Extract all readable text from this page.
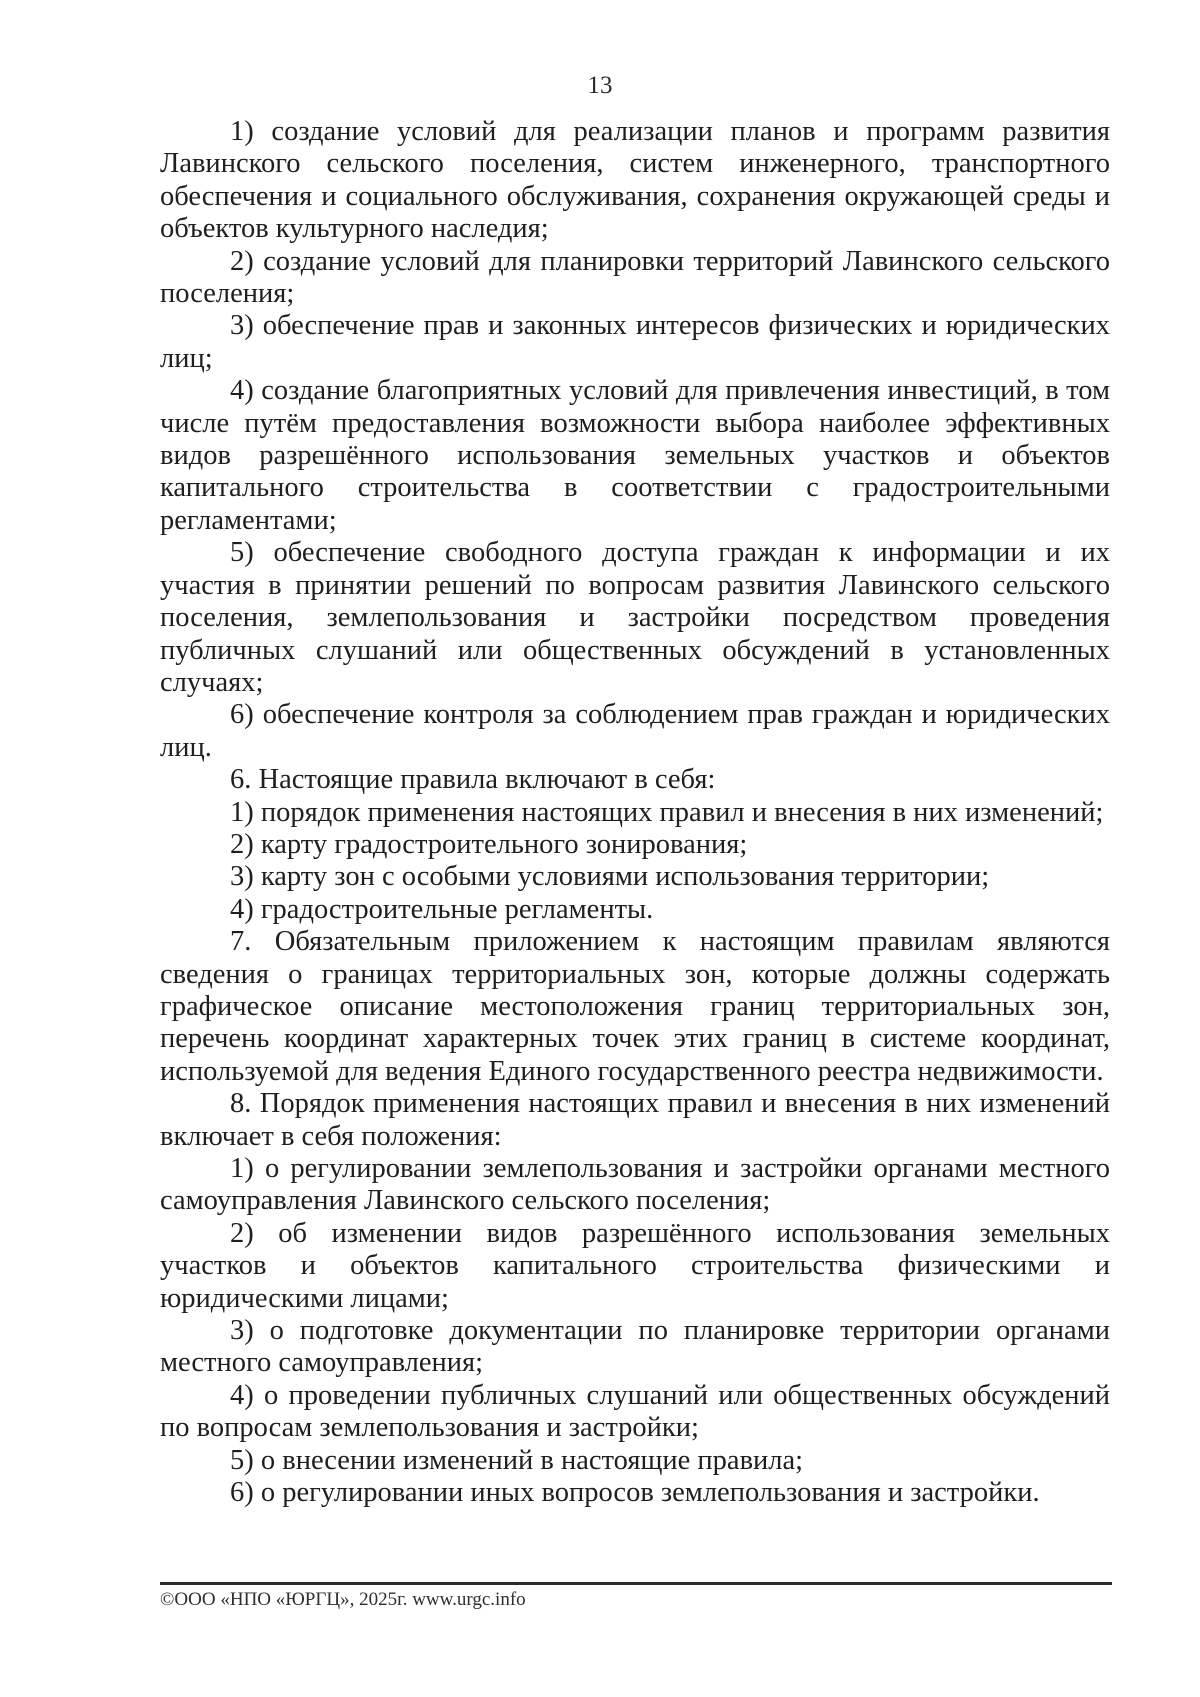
13

1) создание условий для реализации планов и программ развития Лавинского сельского поселения, систем инженерного, транспортного обеспечения и социального обслуживания, сохранения окружающей среды и объектов культурного наследия;

2) создание условий для планировки территорий Лавинского сельского поселения;

3) обеспечение прав и законных интересов физических и юридических лиц;

4) создание благоприятных условий для привлечения инвестиций, в том числе путём предоставления возможности выбора наиболее эффективных видов разрешённого использования земельных участков и объектов капитального строительства в соответствии с градостроительными регламентами;

5) обеспечение свободного доступа граждан к информации и их участия в принятии решений по вопросам развития Лавинского сельского поселения, землепользования и застройки посредством проведения публичных слушаний или общественных обсуждений в установленных случаях;

6) обеспечение контроля за соблюдением прав граждан и юридических лиц.

6. Настоящие правила включают в себя:

1) порядок применения настоящих правил и внесения в них изменений;

2) карту градостроительного зонирования;

3) карту зон с особыми условиями использования территории;

4) градостроительные регламенты.

7. Обязательным приложением к настоящим правилам являются сведения о границах территориальных зон, которые должны содержать графическое описание местоположения границ территориальных зон, перечень координат характерных точек этих границ в системе координат, используемой для ведения Единого государственного реестра недвижимости.

8. Порядок применения настоящих правил и внесения в них изменений включает в себя положения:

1) о регулировании землепользования и застройки органами местного самоуправления Лавинского сельского поселения;

2) об изменении видов разрешённого использования земельных участков и объектов капитального строительства физическими и юридическими лицами;

3) о подготовке документации по планировке территории органами местного самоуправления;

4) о проведении публичных слушаний или общественных обсуждений по вопросам землепользования и застройки;

5) о внесении изменений в настоящие правила;

6) о регулировании иных вопросов землепользования и застройки.

©ООО «НПО «ЮРГЦ», 2025г. www.urgc.info
